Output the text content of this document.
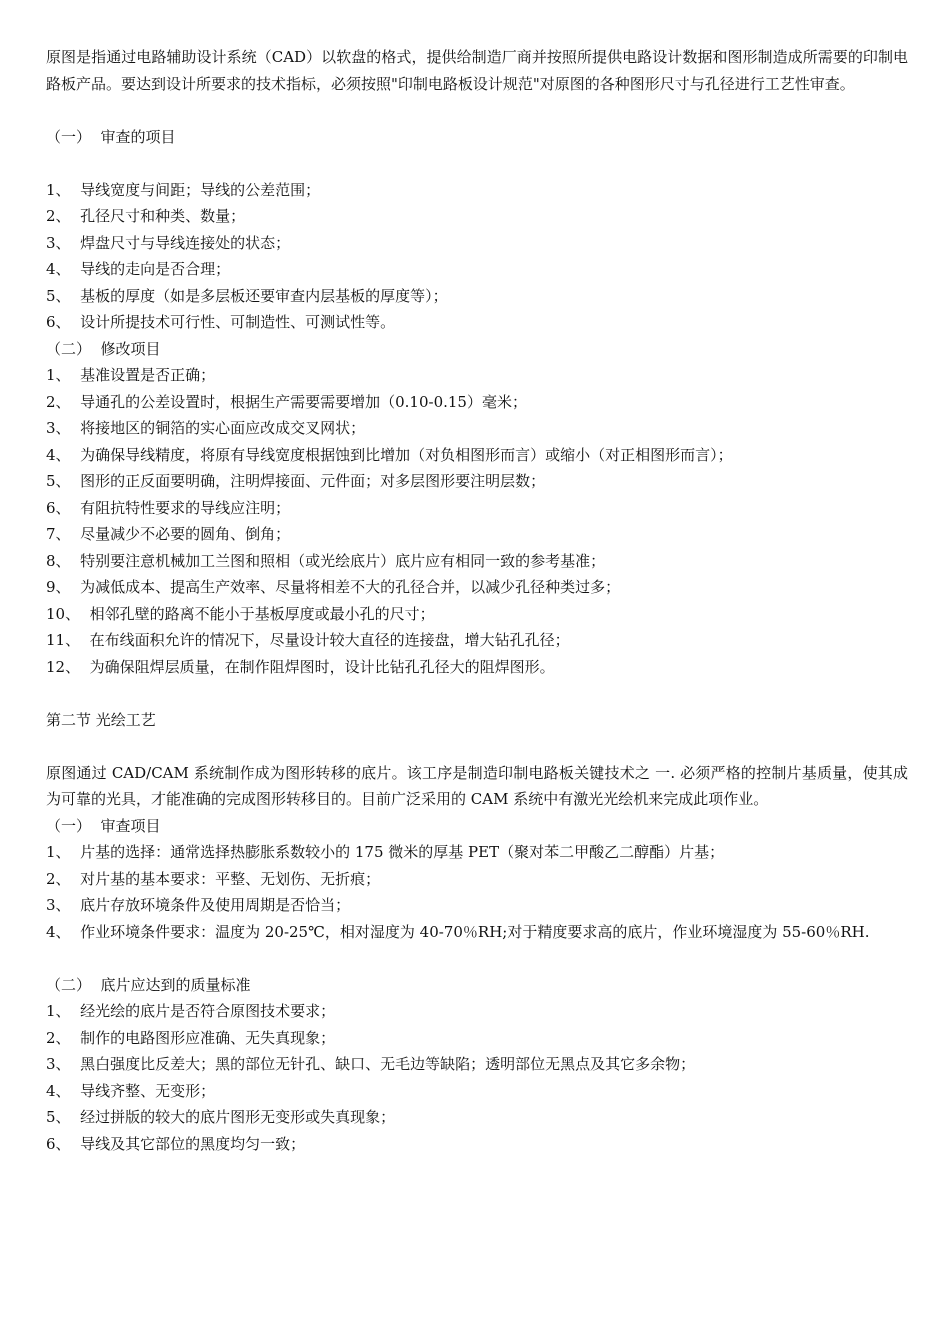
原图是指通过电路辅助设计系统（CAD）以软盘的格式，提供给制造厂商并按照所提供电路设计数据和图形制造成所需要的印制电路板产品。要达到设计所要求的技术指标，必须按照"印制电路板设计规范"对原图的各种图形尺寸与孔径进行工艺性审查。

（一）  审查的项目

1、  导线宽度与间距；导线的公差范围；
2、  孔径尺寸和种类、数量；
3、  焊盘尺寸与导线连接处的状态；
4、  导线的走向是否合理；
5、  基板的厚度（如是多层板还要审查内层基板的厚度等）；
6、  设计所提技术可行性、可制造性、可测试性等。

（二）  修改项目

1、  基准设置是否正确；
2、  导通孔的公差设置时，根据生产需要需要增加（0.10-0.15）毫米；
3、  将接地区的铜箔的实心面应改成交叉网状；
4、  为确保导线精度，将原有导线宽度根据蚀到比增加（对负相图形而言）或缩小（对正相图形而言）；
5、  图形的正反面要明确，注明焊接面、元件面；对多层图形要注明层数；
6、  有阻抗特性要求的导线应注明；
7、  尽量减少不必要的圆角、倒角；
8、  特别要注意机械加工兰图和照相（或光绘底片）底片应有相同一致的参考基准；
9、  为减低成本、提高生产效率、尽量将相差不大的孔径合并，以减少孔径种类过多；
10、  相邻孔壁的路离不能小于基板厚度或最小孔的尺寸；
11、  在布线面积允许的情况下，尽量设计较大直径的连接盘，增大钻孔孔径；
12、  为确保阻焊层质量，在制作阻焊图时，设计比钻孔孔径大的阻焊图形。

第二节 光绘工艺

原图通过 CAD/CAM 系统制作成为图形转移的底片。该工序是制造印制电路板关键技术之 一. 必须严格的控制片基质量，使其成为可靠的光具，才能准确的完成图形转移目的。目前广泛采用的 CAM 系统中有激光光绘机来完成此项作业。

（一）  审查项目

1、  片基的选择：通常选择热膨胀系数较小的 175 微米的厚基 PET（聚对苯二甲酸乙二醇酯）片基；
2、  对片基的基本要求：平整、无划伤、无折痕；
3、  底片存放环境条件及使用周期是否恰当；
4、  作业环境条件要求：温度为 20-25℃，相对湿度为 40-70％RH;对于精度要求高的底片，作业环境湿度为 55-60％RH.

（二）  底片应达到的质量标准

1、  经光绘的底片是否符合原图技术要求；
2、  制作的电路图形应准确、无失真现象；
3、  黑白强度比反差大；黑的部位无针孔、缺口、无毛边等缺陷；透明部位无黑点及其它多余物；
4、  导线齐整、无变形；
5、  经过拼版的较大的底片图形无变形或失真现象；
6、  导线及其它部位的黑度均匀一致；
